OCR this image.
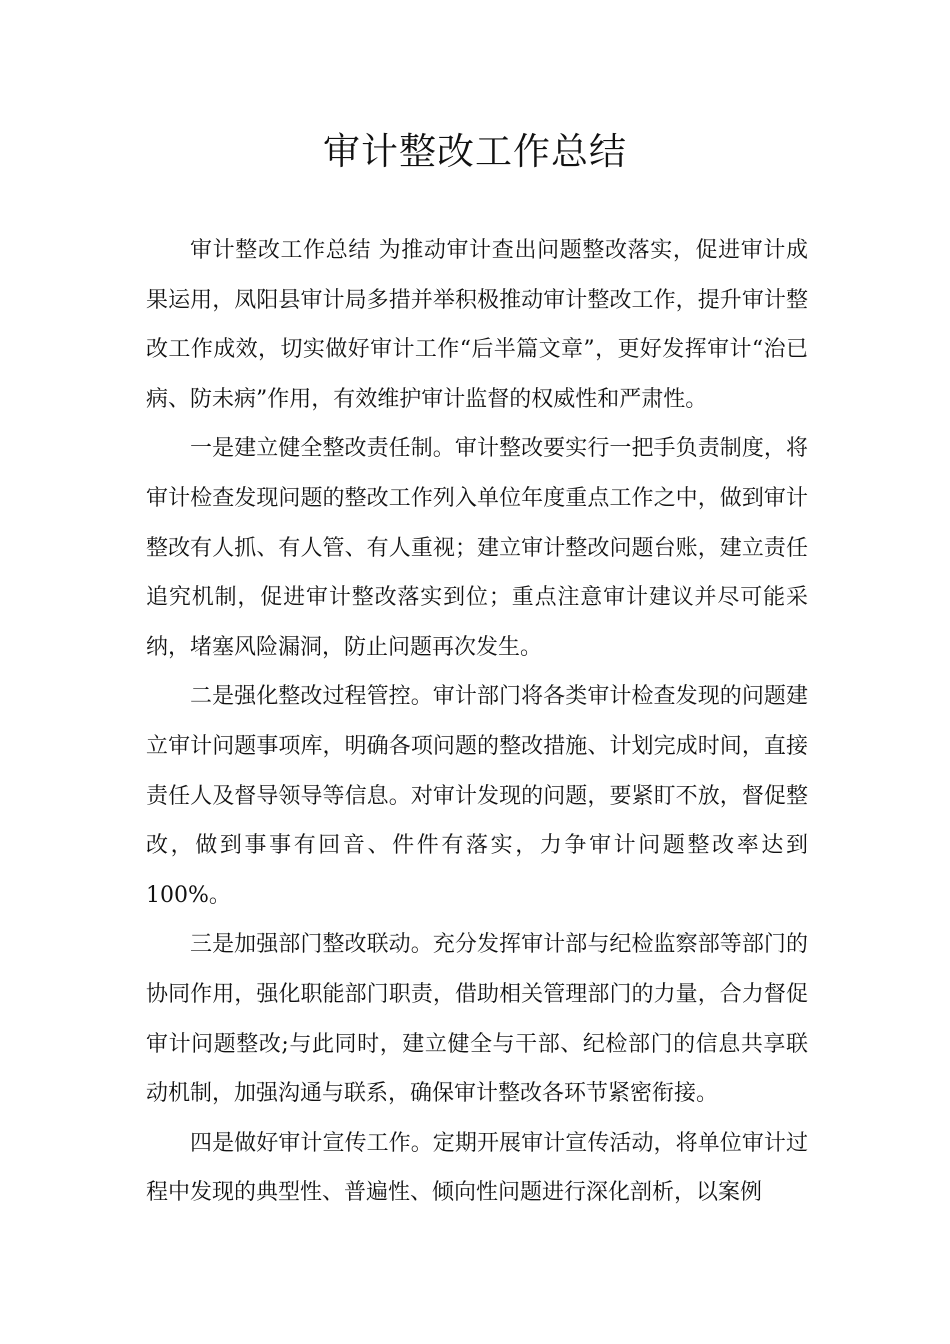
审计整改工作总结

审计整改工作总结 为推动审计查出问题整改落实，促进审计成果运用，凤阳县审计局多措并举积极推动审计整改工作，提升审计整改工作成效，切实做好审计工作“后半篇文章”，更好发挥审计“治已病、防未病”作用，有效维护审计监督的权威性和严肃性。

一是建立健全整改责任制。审计整改要实行一把手负责制度，将审计检查发现问题的整改工作列入单位年度重点工作之中，做到审计整改有人抓、有人管、有人重视；建立审计整改问题台账，建立责任追究机制，促进审计整改落实到位；重点注意审计建议并尽可能采纳，堵塞风险漏洞，防止问题再次发生。

二是强化整改过程管控。审计部门将各类审计检查发现的问题建立审计问题事项库，明确各项问题的整改措施、计划完成时间，直接责任人及督导领导等信息。对审计发现的问题，要紧盯不放，督促整改，做到事事有回音、件件有落实，力争审计问题整改率达到100%。

三是加强部门整改联动。充分发挥审计部与纪检监察部等部门的协同作用，强化职能部门职责，借助相关管理部门的力量，合力督促审计问题整改;与此同时，建立健全与干部、纪检部门的信息共享联动机制，加强沟通与联系，确保审计整改各环节紧密衔接。

四是做好审计宣传工作。定期开展审计宣传活动，将单位审计过程中发现的典型性、普遍性、倾向性问题进行深化剖析，以案例
